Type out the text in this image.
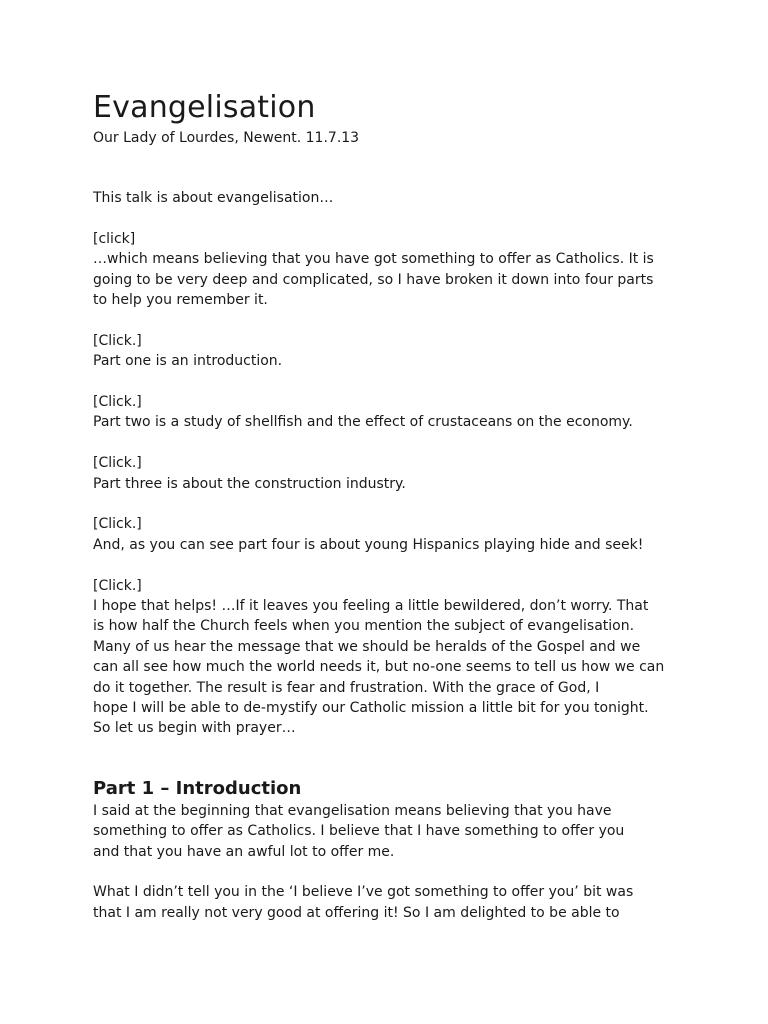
Evangelisation
Our Lady of Lourdes, Newent. 11.7.13

This talk is about evangelisation…

[click]
…which means believing that you have got something to offer as Catholics. It is
going to be very deep and complicated, so I have broken it down into four parts
to help you remember it.

[Click.]
Part one is an introduction.

[Click.]
Part two is a study of shellfish and the effect of crustaceans on the economy.

[Click.]
Part three is about the construction industry.

[Click.]
And, as you can see part four is about young Hispanics playing hide and seek!

[Click.]
I hope that helps! …If it leaves you feeling a little bewildered, don’t worry. That
is how half the Church feels when you mention the subject of evangelisation.
Many of us hear the message that we should be heralds of the Gospel and we
can all see how much the world needs it, but no-one seems to tell us how we can
do it together. The result is fear and frustration. With the grace of God, I
hope I will be able to de-mystify our Catholic mission a little bit for you tonight.
So let us begin with prayer…

Part 1 – Introduction

I said at the beginning that evangelisation means believing that you have
something to offer as Catholics. I believe that I have something to offer you
and that you have an awful lot to offer me.

What I didn’t tell you in the ‘I believe I’ve got something to offer you’ bit was
that I am really not very good at offering it! So I am delighted to be able to
